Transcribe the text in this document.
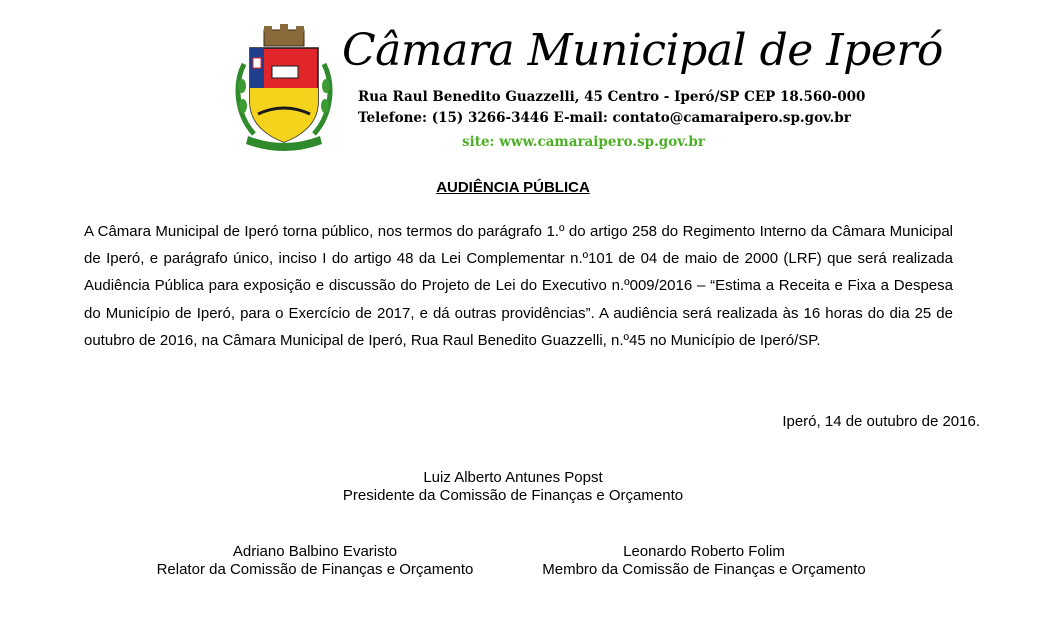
Câmara Municipal de Iperó
Rua Raul Benedito Guazzelli, 45 Centro - Iperó/SP CEP 18.560-000
Telefone: (15) 3266-3446 E-mail: contato@camaraipero.sp.gov.br
site: www.camaraipero.sp.gov.br
AUDIÊNCIA PÚBLICA
A Câmara Municipal de Iperó torna público, nos termos do parágrafo 1.º do artigo 258 do Regimento Interno da Câmara Municipal de Iperó, e parágrafo único, inciso I do artigo 48 da Lei Complementar n.º101 de 04 de maio de 2000 (LRF) que será realizada Audiência Pública para exposição e discussão do Projeto de Lei do Executivo n.º009/2016 – “Estima a Receita e Fixa a Despesa do Município de Iperó, para o Exercício de 2017, e dá outras providências”. A audiência será realizada às 16 horas do dia 25 de outubro de 2016, na Câmara Municipal de Iperó, Rua Raul Benedito Guazzelli, n.º45 no Município de Iperó/SP.
Iperó, 14 de outubro de 2016.
Luiz Alberto Antunes Popst
Presidente da Comissão de Finanças e Orçamento
Adriano Balbino Evaristo
Relator da Comissão de Finanças e Orçamento
Leonardo Roberto Folim
Membro da Comissão de Finanças e Orçamento
